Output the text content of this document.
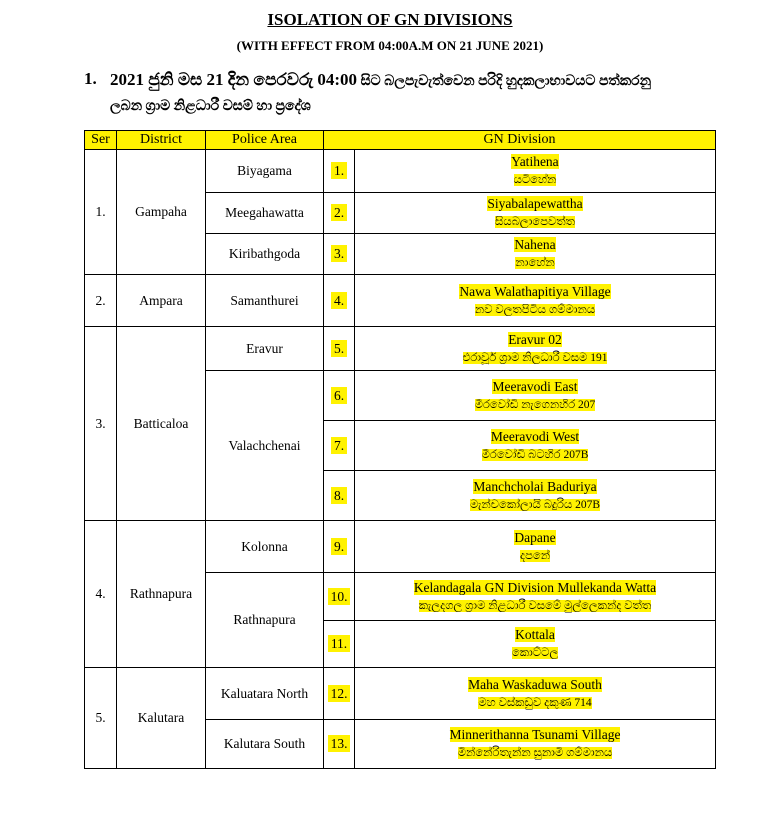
ISOLATION OF GN DIVISIONS
(WITH EFFECT FROM 04:00A.M ON 21 JUNE 2021)
1. 2021 ජුනි මස 21 දින පෙරවරු 04:00 සිට බලපැවැත්වෙන පරිදි හුදකලාභාවයට පත්කරනු
ලබන ග්‍රාම නිළධාරී වසම් හා ප්‍රදේශ
Ser	District	Police Area	GN Division	
1.	Gampaha	Biyagama	1.	Yatihena
යටිහේන

		Meegahawatta	2.	Siyabalapewattha
සියබලාපෙවත්ත

		Kiribathgoda	3.	Nahena
නාහේන

2.	Ampara	Samanthurei	4.	Nawa Walathapitiya Village
නව වලතපිටිය ගම්මානය

3.	Batticaloa	Eravur	5.	Eravur 02
එරාවූර් ග්‍රාම නිලධාරී වසම 191

		Valachchenai	6.	Meeravodi East
මීරවෝඩි නැගෙනහිර 207

			7.	Meeravodi West
මීරවෝඩි බටහිර 207B

			8.	Manchcholai Baduriya
මැන්චකෝලායි බදුරිය 207B

4.	Rathnapura	Kolonna	9.	Dapane
දපනේ

		Rathnapura	10.	Kelandagala GN Division Mullekanda Watta
කැලදගල ග්‍රාම නිළධාරී වසමේ මුල්ලෙකන්ද වත්ත

			11.	Kottala
කොට්ටල

5.	Kalutara	Kaluatara North	12.	Maha Waskaduwa South
මහ වස්කඩුව දකුණ 714

		Kalutara South	13.	Minnerithanna Tsunami Village
මින්නේරිතැන්න සුනාමි ගම්මානය
